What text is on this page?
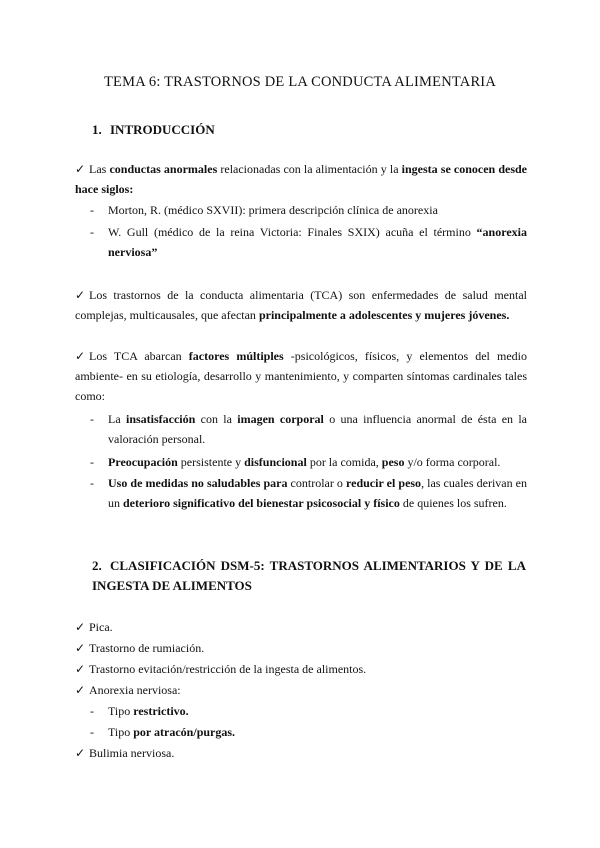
TEMA 6: TRASTORNOS DE LA CONDUCTA ALIMENTARIA
1. INTRODUCCIÓN
✓ Las conductas anormales relacionadas con la alimentación y la ingesta se conocen desde hace siglos:
- Morton, R. (médico SXVII): primera descripción clínica de anorexia
- W. Gull (médico de la reina Victoria: Finales SXIX) acuña el término “anorexia nerviosa”
✓ Los trastornos de la conducta alimentaria (TCA) son enfermedades de salud mental complejas, multicausales, que afectan principalmente a adolescentes y mujeres jóvenes.
✓ Los TCA abarcan factores múltiples -psicológicos, físicos, y elementos del medio ambiente- en su etiología, desarrollo y mantenimiento, y comparten síntomas cardinales tales como:
- La insatisfacción con la imagen corporal o una influencia anormal de ésta en la valoración personal.
- Preocupación persistente y disfuncional por la comida, peso y/o forma corporal.
- Uso de medidas no saludables para controlar o reducir el peso, las cuales derivan en un deterioro significativo del bienestar psicosocial y físico de quienes los sufren.
2. CLASIFICACIÓN DSM-5: TRASTORNOS ALIMENTARIOS Y DE LA INGESTA DE ALIMENTOS
✓ Pica.
✓ Trastorno de rumiación.
✓ Trastorno evitación/restricción de la ingesta de alimentos.
✓ Anorexia nerviosa:
- Tipo restrictivo.
- Tipo por atracón/purgas.
✓ Bulimia nerviosa.
